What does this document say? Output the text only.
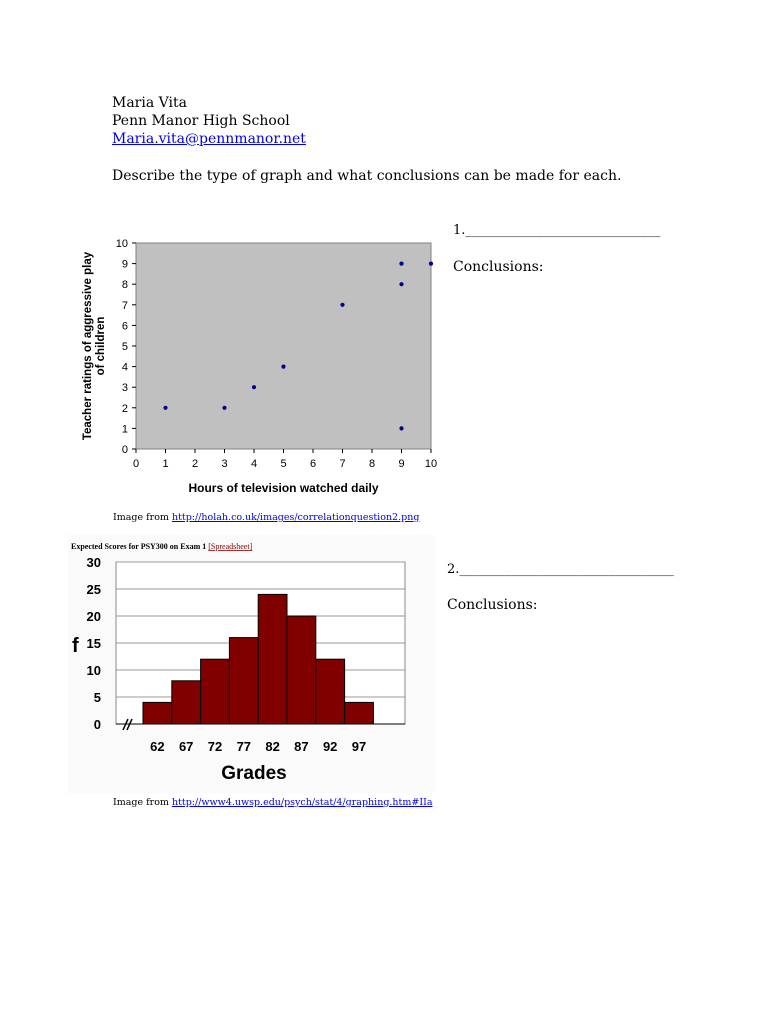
Maria Vita
Penn Manor High School
Maria.vita@pennmanor.net
Describe the type of graph and what conclusions can be made for each.
1.______________________________
Conclusions:
0 1 2 3 4 5 6 7 8 9 10
0
1
2
3
4
5
6
7
8
9
10
Hours of television watched daily
Teacher ratings of aggressive play of children
Image from http://holah.co.uk/images/correlationquestion2.png
Expected Scores for PSY300 on Exam 1 [Spreadsheet]
0
5
10
15
20
25
30
62 67 72 77 82 87 92 97
Grades
f
2._________________________________
Conclusions:
Image from http://www4.uwsp.edu/psych/stat/4/graphing.htm#IIa
